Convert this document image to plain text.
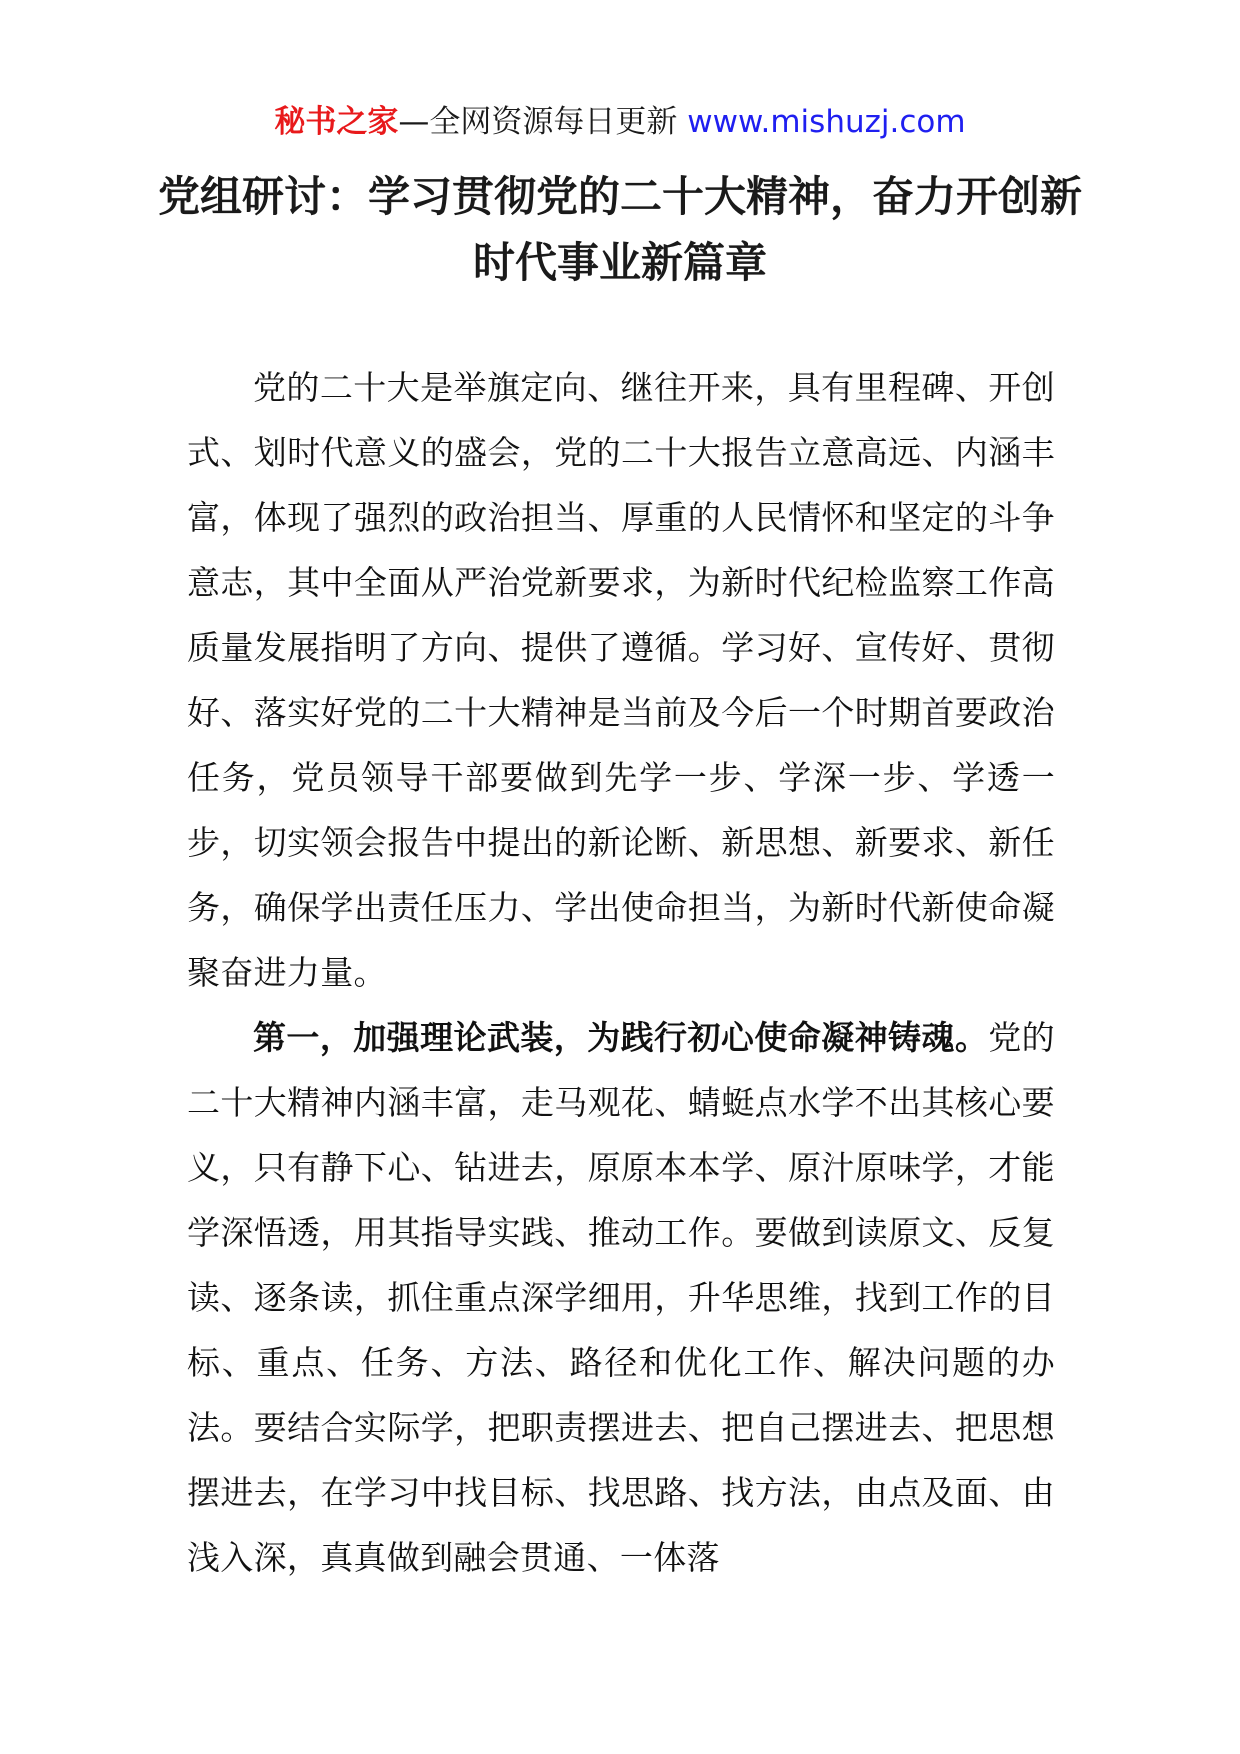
秘书之家—全网资源每日更新 www.mishuzj.com
党组研讨：学习贯彻党的二十大精神，奋力开创新时代事业新篇章

党的二十大是举旗定向、继往开来，具有里程碑、开创式、划时代意义的盛会，党的二十大报告立意高远、内涵丰富，体现了强烈的政治担当、厚重的人民情怀和坚定的斗争意志，其中全面从严治党新要求，为新时代纪检监察工作高质量发展指明了方向、提供了遵循。学习好、宣传好、贯彻好、落实好党的二十大精神是当前及今后一个时期首要政治任务，党员领导干部要做到先学一步、学深一步、学透一步，切实领会报告中提出的新论断、新思想、新要求、新任务，确保学出责任压力、学出使命担当，为新时代新使命凝聚奋进力量。

第一，加强理论武装，为践行初心使命凝神铸魂。党的二十大精神内涵丰富，走马观花、蜻蜓点水学不出其核心要义，只有静下心、钻进去，原原本本学、原汁原味学，才能学深悟透，用其指导实践、推动工作。要做到读原文、反复读、逐条读，抓住重点深学细用，升华思维，找到工作的目标、重点、任务、方法、路径和优化工作、解决问题的办法。要结合实际学，把职责摆进去、把自己摆进去、把思想摆进去，在学习中找目标、找思路、找方法，由点及面、由浅入深，真真做到融会贯通、一体落
